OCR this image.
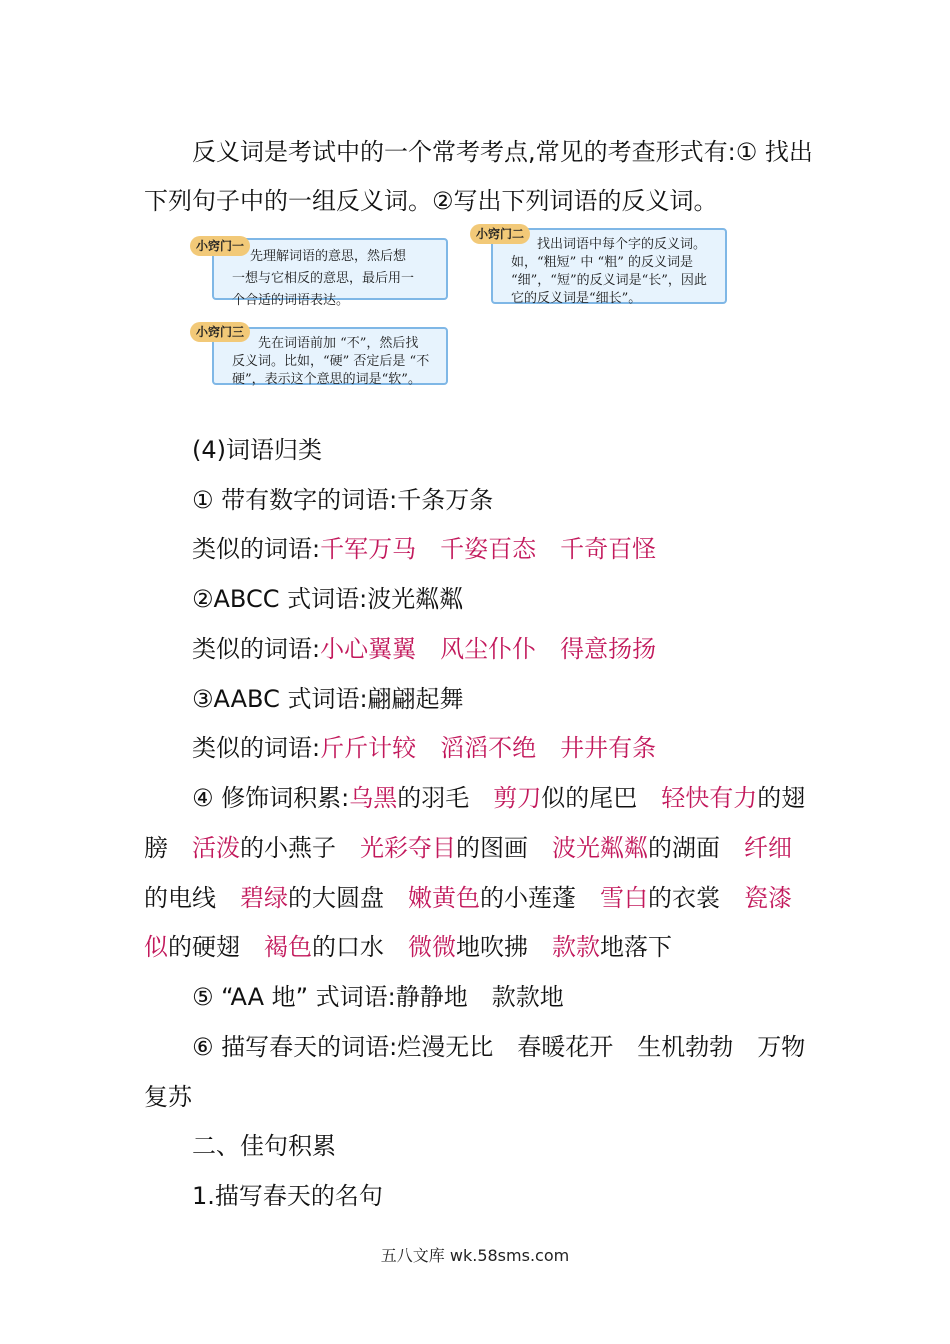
反义词是考试中的一个常考考点,常见的考查形式有:① 找出
下列句子中的一组反义词。②写出下列词语的反义词。
先理解词语的意思，然后想
一想与它相反的意思，最后用一
个合适的词语表达。
小窍门一	找出词语中每个字的反义词。
如，“粗短” 中 “粗” 的反义词是
“细”，“短”的反义词是“长”，因此
它的反义词是“细长”。
小窍门二
先在词语前加 “不”，然后找
反义词。比如，“硬” 否定后是 “不
硬”，表示这个意思的词是“软”。
小窍门三
(4)词语归类
① 带有数字的词语:千条万条
类似的词语:千军万马 千姿百态 千奇百怪
②ABCC 式词语:波光粼粼
类似的词语:小心翼翼 风尘仆仆 得意扬扬
③AABC 式词语:翩翩起舞
类似的词语:斤斤计较 滔滔不绝 井井有条
④ 修饰词积累:乌黑的羽毛 剪刀似的尾巴 轻快有力的翅
膀 活泼的小燕子 光彩夺目的图画 波光粼粼的湖面 纤细
的电线 碧绿的大圆盘 嫩黄色的小莲蓬 雪白的衣裳 瓷漆
似的硬翅 褐色的口水 微微地吹拂 款款地落下
⑤ “AA 地” 式词语:静静地 款款地
⑥ 描写春天的词语:烂漫无比 春暖花开 生机勃勃 万物
复苏
二、佳句积累
1.描写春天的名句
五八文库 wk.58sms.com
